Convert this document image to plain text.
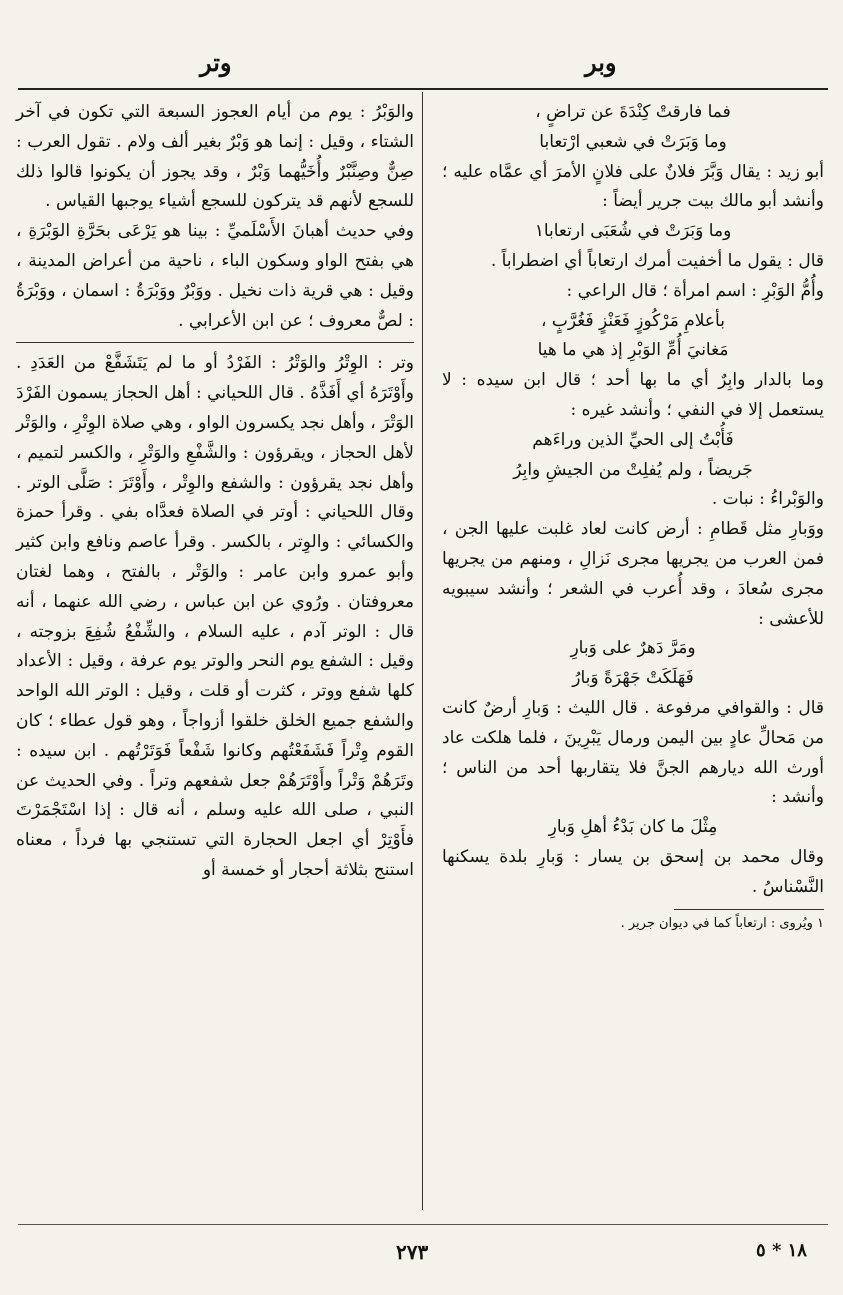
وتر	وبر

فما فارقتْ كِنْدَةَ عن تراضٍ ،

وما وَبَرَتْ في شعبي ارْتعابا

أبو زيد : يقال وَبَّرَ فلانٌ على فلانٍ الأمرَ أي عمَّاه عليه ؛ وأنشد أبو مالك بيت جرير أيضاً :

وما وَبَرَتْ في شُعَبَى ارتعابا١

قال : يقول ما أخفيت أمرك ارتعاباً أي اضطراباً .

وأُمُّ الوَبْرِ : اسم امرأة ؛ قال الراعي :

بأعلامِ مَرْكُوزٍ فَعَنْزٍ فَغُرَّبٍ ،

مَغانيَ أُمِّ الوَبْرِ إذ هي ما هيا

وما بالدار وابِرٌ أي ما بها أحد ؛ قال ابن سيده : لا يستعمل إلا في النفي ؛ وأنشد غيره :

فَأُبْتُ إلى الحيِّ الذين وراءَهم

جَريضاً ، ولم يُفلِتْ من الجيشِ وابِرُ

والوَبْراءُ : نبات .

ووَبارِ مثل قَطامِ : أرض كانت لعاد غلبت عليها الجن ، فمن العرب من يجريها مجرى نَزالِ ، ومنهم من يجريها مجرى سُعادَ ، وقد أُعرب في الشعر ؛ وأنشد سيبويه للأعشى :

ومَرَّ دَهرٌ على وَبارِ

فَهَلَكَتْ جَهْرَةً وَبارُ

قال : والقوافي مرفوعة . قال الليث : وَبارِ أرضٌ كانت من مَحالِّ عادٍ بين اليمن ورمال يَبْرِينَ ، فلما هلكت عاد أورث الله ديارهم الجنَّ فلا يتقاربها أحد من الناس ؛ وأنشد :

مِثْلَ ما كان بَدْءُ أهلِ وَبارِ

وقال محمد بن إسحق بن يسار : وَبارِ بلدة يسكنها النَّسْناسُ .

١ ويُروى : ارتعاباً كما في ديوان جرير .

والوَبْرُ : يوم من أيام العجوز السبعة التي تكون في آخر الشتاء ، وقيل : إنما هو وَبْرٌ بغير ألف ولام . تقول العرب : صِنٌّ وصِنَّبْرٌ وأُخَيُّهما وَبْرٌ ، وقد يجوز أن يكونوا قالوا ذلك للسجع لأنهم قد يتركون للسجع أشياء يوجبها القياس .

وفي حديث أهبانَ الأَسْلَميِّ : بينا هو يَرْعَى بحَرَّةِ الوَبْرَةِ ، هي بفتح الواو وسكون الباء ، ناحية من أعراض المدينة ، وقيل : هي قرية ذات نخيل . ووَبْرٌ ووَبْرَةُ : اسمان ، ووَبْرَةُ : لصٌّ معروف ؛ عن ابن الأعرابي .

وتر : الوِتْرُ والوَتْرُ : الفَرْدُ أو ما لم يَتَشَفَّعْ من العَدَدِ . وأَوْتَرَهُ أي أَفَذَّهُ . قال اللحياني : أهل الحجاز يسمون الفَرْدَ الوَتْرَ ، وأهل نجد يكسرون الواو ، وهي صلاة الوِتْرِ ، والوَتْر لأهل الحجاز ، ويقرؤون : والشَّفْعِ والوَتْرِ ، والكسر لتميم ، وأهل نجد يقرؤون : والشفع والوِتْر ، وأَوْتَرَ : صَلَّى الوتر . وقال اللحياني : أوتر في الصلاة فعدَّاه بفي . وقرأ حمزة والكسائي : والوِتر ، بالكسر . وقرأ عاصم ونافع وابن كثير وأبو عمرو وابن عامر : والوَتْر ، بالفتح ، وهما لغتان معروفتان . ورُوي عن ابن عباس ، رضي الله عنهما ، أنه قال : الوتر آدم ، عليه السلام ، والشِّفْعُ شُفِعَ بزوجته ، وقيل : الشفع يوم النحر والوتر يوم عرفة ، وقيل : الأعداد كلها شفع ووتر ، كثرت أو قلت ، وقيل : الوتر الله الواحد والشفع جميع الخلق خلقوا أزواجاً ، وهو قول عطاء ؛ كان القوم وِتْراً فَشَفَعْتُهم وكانوا شَفْعاً فَوَتَرْتُهم . ابن سيده : وتَرَهُمْ وَتْراً وأَوْتَرَهُمْ جعل شفعهم وتراً . وفي الحديث عن النبي ، صلى الله عليه وسلم ، أنه قال : إذا اسْتَجْمَرْتَ فأَوْتِرْ أي اجعل الحجارة التي تستنجي بها فرداً ، معناه استنج بثلاثة أحجار أو خمسة أو

٢٧٣	١٨ * ٥
